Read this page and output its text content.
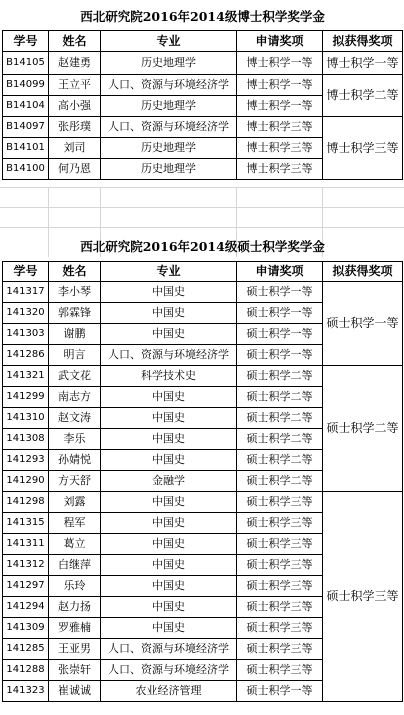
西北研究院2016年2014级博士积学奖学金				
学号	姓名	专业	申请奖项	拟获得奖项
B14105	赵建勇	历史地理学	博士积学一等	博士积学一等
B14099	王立平	人口、资源与环境经济学	博士积学一等	博士积学二等
B14104	高小强	历史地理学	博士积学一等	
B14097	张彤璞	人口、资源与环境经济学	博士积学三等	博士积学三等
B14101	刘司	历史地理学	博士积学三等	
B14100	何乃恩	历史地理学	博士积学三等	
西北研究院2016年2014级硕士积学奖学金				
学号	姓名	专业	申请奖项	拟获得奖项
141317	李小琴	中国史	硕士积学一等	硕士积学一等
141320	郭霖锋	中国史	硕士积学一等	
141303	谢鹏	中国史	硕士积学一等	
141286	明言	人口、资源与环境经济学	硕士积学一等	
141321	武文花	科学技术史	硕士积学二等	硕士积学二等
141299	南志方	中国史	硕士积学二等	
141310	赵文涛	中国史	硕士积学二等	
141308	李乐	中国史	硕士积学二等	
141293	孙婧悦	中国史	硕士积学二等	
141290	方天舒	金融学	硕士积学二等	
141298	刘露	中国史	硕士积学三等	硕士积学三等
141315	程军	中国史	硕士积学三等	
141311	葛立	中国史	硕士积学三等	
141312	白继萍	中国史	硕士积学三等	
141297	乐玲	中国史	硕士积学三等	
141294	赵力扬	中国史	硕士积学三等	
141309	罗雅楠	中国史	硕士积学三等	
141285	王亚男	人口、资源与环境经济学	硕士积学三等	
141288	张崇轩	人口、资源与环境经济学	硕士积学三等	
141323	崔诚诚	农业经济管理	硕士积学一等	
